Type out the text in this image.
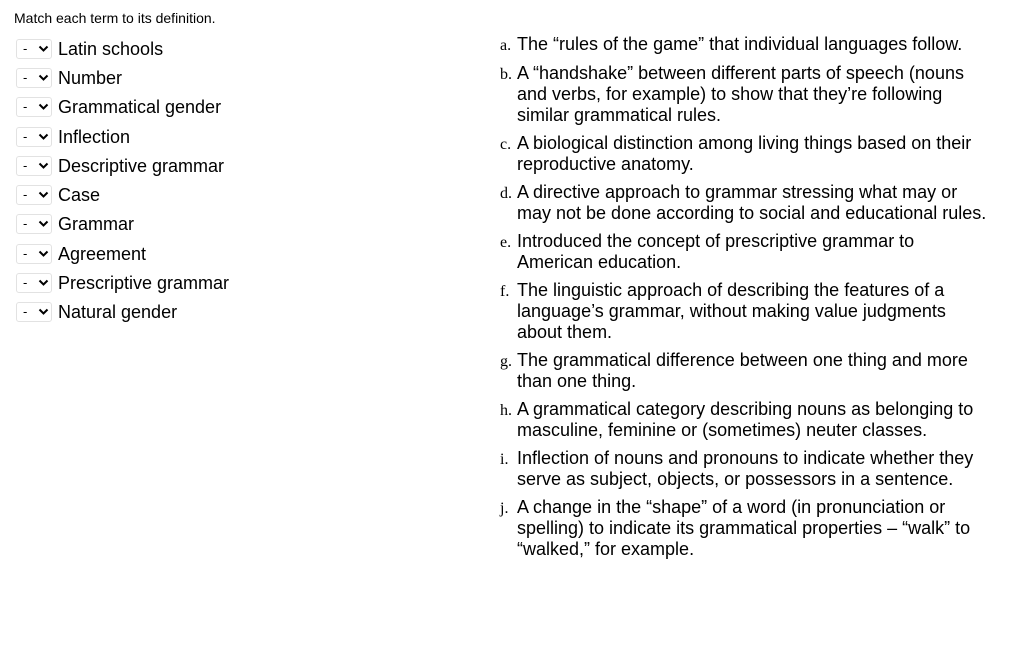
Match each term to its definition.
- Latin schools
- Number
- Grammatical gender
- Inflection
- Descriptive grammar
- Case
- Grammar
- Agreement
- Prescriptive grammar
- Natural gender
a. The “rules of the game” that individual languages follow.
b. A “handshake” between different parts of speech (nouns and verbs, for example) to show that they’re following similar grammatical rules.
c. A biological distinction among living things based on their reproductive anatomy.
d. A directive approach to grammar stressing what may or may not be done according to social and educational rules.
e. Introduced the concept of prescriptive grammar to American education.
f. The linguistic approach of describing the features of a language’s grammar, without making value judgments about them.
g. The grammatical difference between one thing and more than one thing.
h. A grammatical category describing nouns as belonging to masculine, feminine or (sometimes) neuter classes.
i. Inflection of nouns and pronouns to indicate whether they serve as subject, objects, or possessors in a sentence.
j. A change in the “shape” of a word (in pronunciation or spelling) to indicate its grammatical properties – “walk” to “walked,” for example.
